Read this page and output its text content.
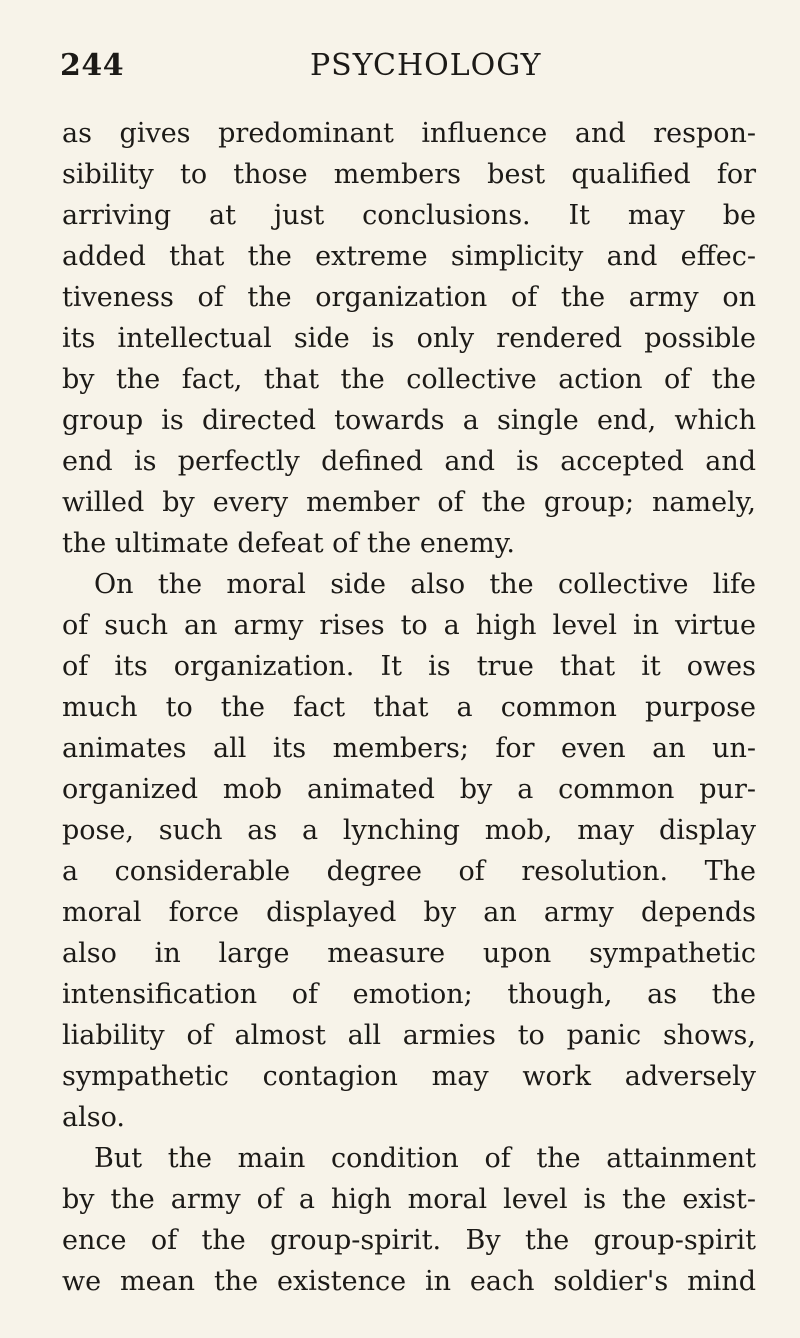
244	PSYCHOLOGY
as gives predominant influence and respon-
sibility to those members best qualified for
arriving at just conclusions. It may be
added that the extreme simplicity and effec-
tiveness of the organization of the army on
its intellectual side is only rendered possible
by the fact, that the collective action of the
group is directed towards a single end, which
end is perfectly defined and is accepted and
willed by every member of the group; namely,
the ultimate defeat of the enemy.
On the moral side also the collective life
of such an army rises to a high level in virtue
of its organization. It is true that it owes
much to the fact that a common purpose
animates all its members; for even an un-
organized mob animated by a common pur-
pose, such as a lynching mob, may display
a considerable degree of resolution. The
moral force displayed by an army depends
also in large measure upon sympathetic
intensification of emotion; though, as the
liability of almost all armies to panic shows,
sympathetic contagion may work adversely
also.
But the main condition of the attainment
by the army of a high moral level is the exist-
ence of the group-spirit. By the group-spirit
we mean the existence in each soldier's mind
